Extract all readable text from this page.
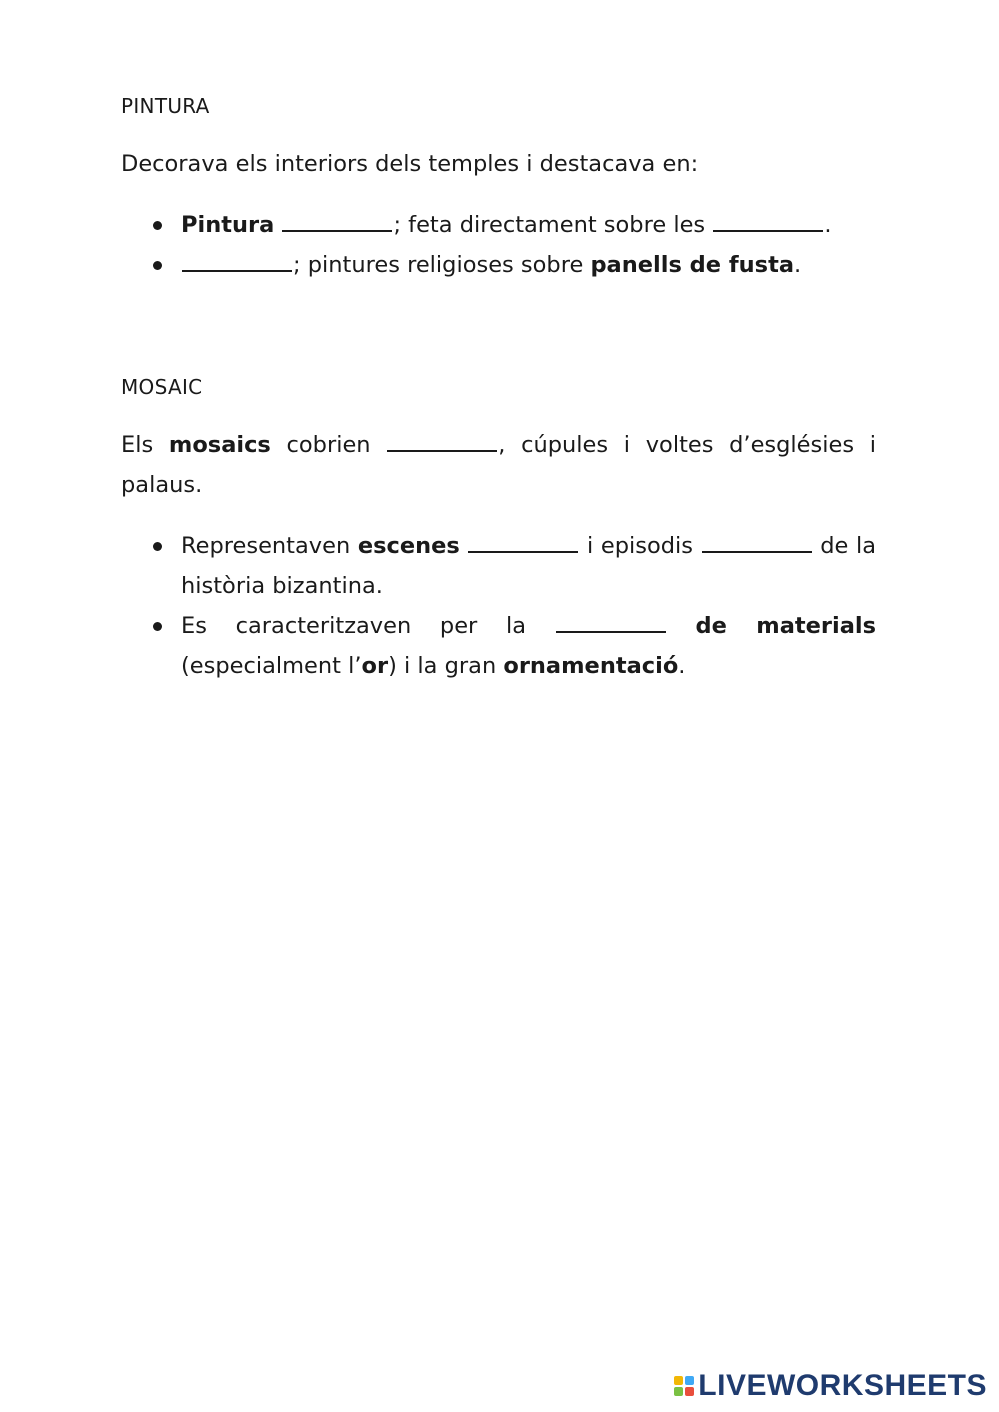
PINTURA
Decorava els interiors dels temples i destacava en:
Pintura	; feta directament sobre les	.
; pintures religioses sobre panells de fusta.
MOSAIC
Els mosaics cobrien	, cúpules i voltes d’esglésies i palaus.
Representaven escenes	i episodis	de la història bizantina.
Es caracteritzaven per la	de materials (especialment l’or) i la gran ornamentació.
LIVEWORKSHEETS
